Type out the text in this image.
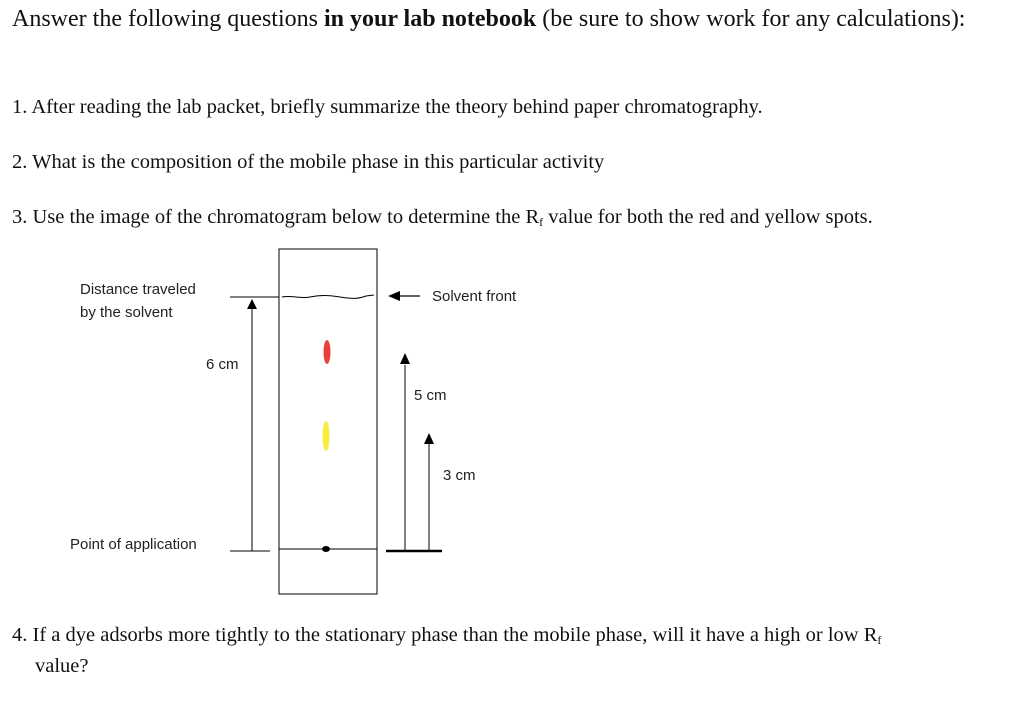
Answer the following questions in your lab notebook (be sure to show work for any calculations):
1. After reading the lab packet, briefly summarize the theory behind paper chromatography.
2. What is the composition of the mobile phase in this particular activity
3. Use the image of the chromatogram below to determine the $R_f$ value for both the red and yellow spots.
Distance traveled
by the solvent
6 cm
Solvent front
5 cm
3 cm
Point of application
4. If a dye adsorbs more tightly to the stationary phase than the mobile phase, will it have a high or low $R_f$
value?
